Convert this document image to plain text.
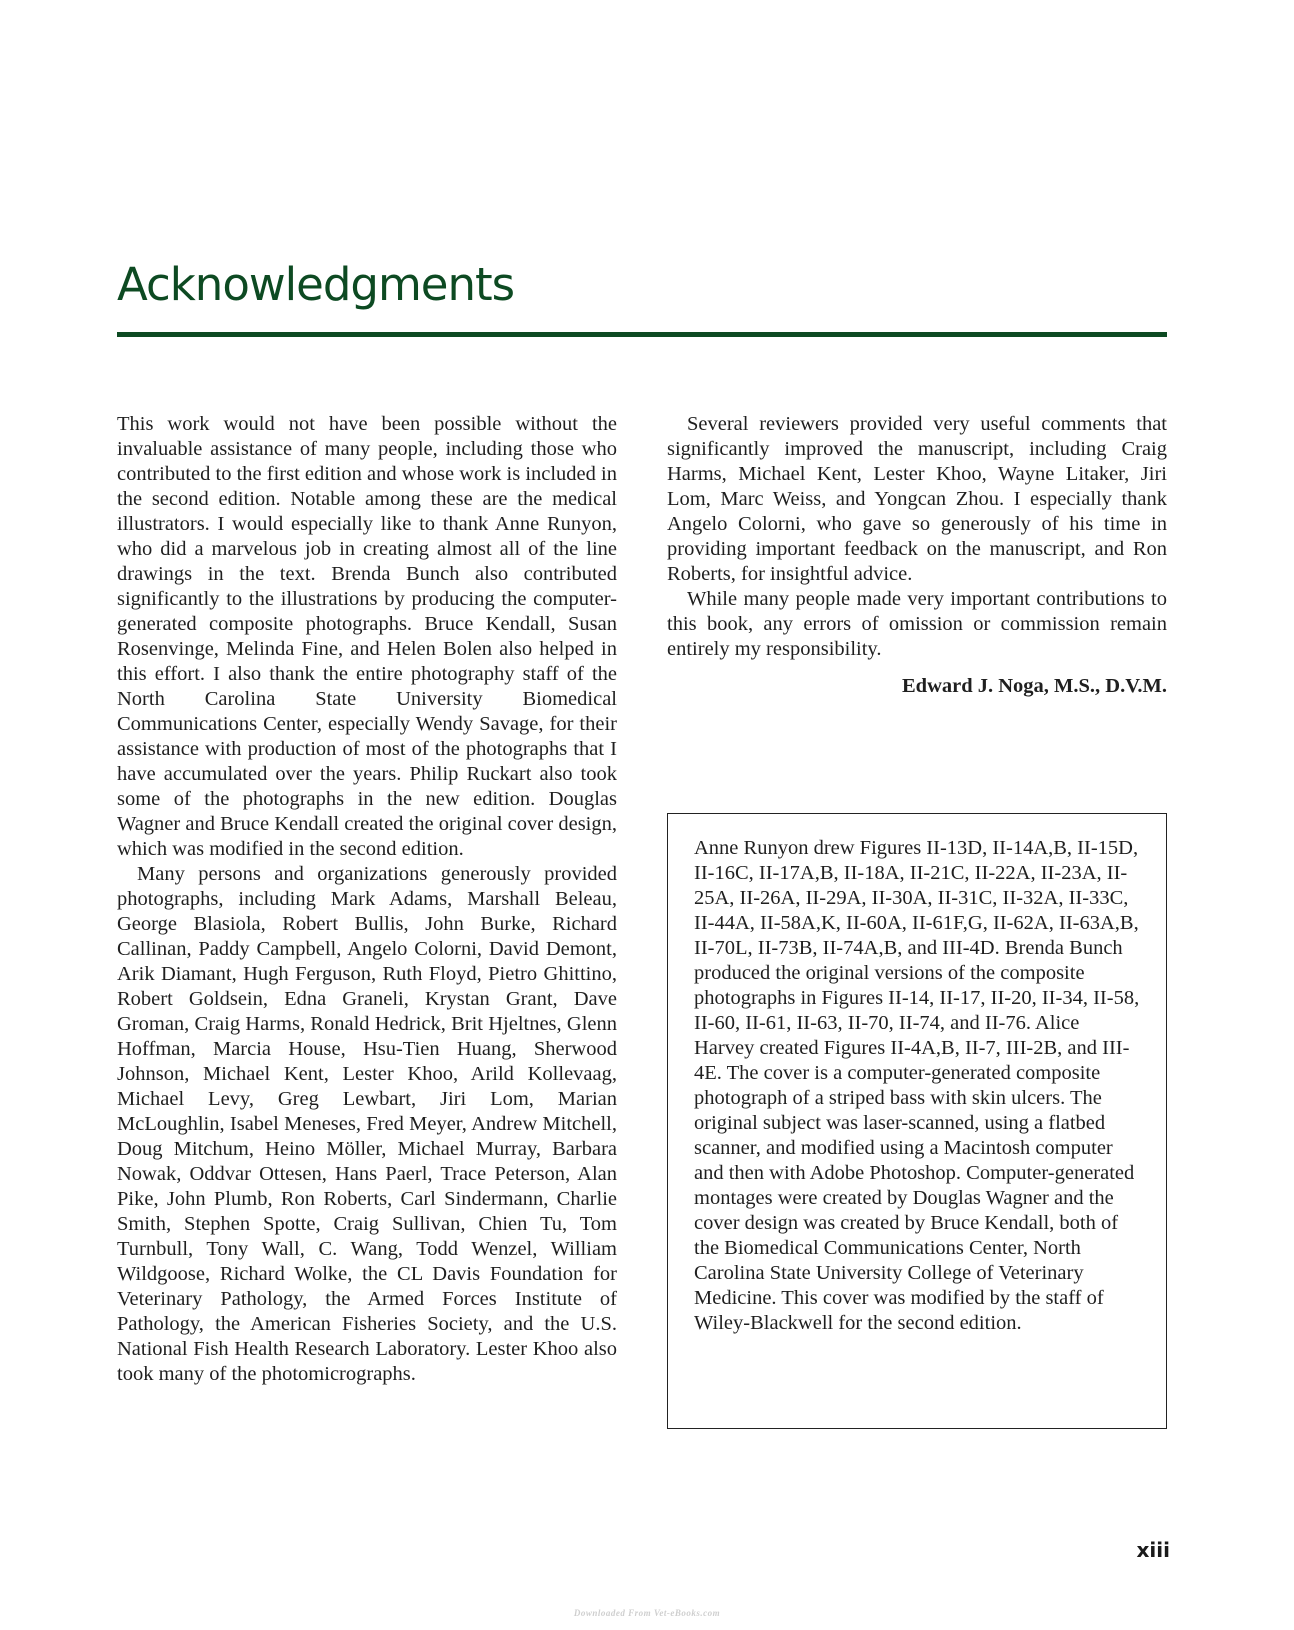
Acknowledgments

This work would not have been possible without the invaluable assistance of many people, including those who contributed to the first edition and whose work is included in the second edition. Notable among these are the medical illustrators. I would especially like to thank Anne Runyon, who did a marvelous job in creating almost all of the line drawings in the text. Brenda Bunch also contributed significantly to the illustrations by producing the computer-generated composite photographs. Bruce Kendall, Susan Rosenvinge, Melinda Fine, and Helen Bolen also helped in this effort. I also thank the entire photography staff of the North Carolina State University Biomedical Communications Center, especially Wendy Savage, for their assistance with production of most of the photographs that I have accumulated over the years. Philip Ruckart also took some of the photographs in the new edition. Douglas Wagner and Bruce Kendall created the original cover design, which was modified in the second edition.

Many persons and organizations generously provided photographs, including Mark Adams, Marshall Beleau, George Blasiola, Robert Bullis, John Burke, Richard Callinan, Paddy Campbell, Angelo Colorni, David Demont, Arik Diamant, Hugh Ferguson, Ruth Floyd, Pietro Ghittino, Robert Goldsein, Edna Graneli, Krystan Grant, Dave Groman, Craig Harms, Ronald Hedrick, Brit Hjeltnes, Glenn Hoffman, Marcia House, Hsu-Tien Huang, Sherwood Johnson, Michael Kent, Lester Khoo, Arild Kollevaag, Michael Levy, Greg Lewbart, Jiri Lom, Marian McLoughlin, Isabel Meneses, Fred Meyer, Andrew Mitchell, Doug Mitchum, Heino Möller, Michael Murray, Barbara Nowak, Oddvar Ottesen, Hans Paerl, Trace Peterson, Alan Pike, John Plumb, Ron Roberts, Carl Sindermann, Charlie Smith, Stephen Spotte, Craig Sullivan, Chien Tu, Tom Turnbull, Tony Wall, C. Wang, Todd Wenzel, William Wildgoose, Richard Wolke, the CL Davis Foundation for Veterinary Pathology, the Armed Forces Institute of Pathology, the American Fisheries Society, and the U.S. National Fish Health Research Laboratory. Lester Khoo also took many of the photomicrographs.

Several reviewers provided very useful comments that significantly improved the manuscript, including Craig Harms, Michael Kent, Lester Khoo, Wayne Litaker, Jiri Lom, Marc Weiss, and Yongcan Zhou. I especially thank Angelo Colorni, who gave so generously of his time in providing important feedback on the manuscript, and Ron Roberts, for insightful advice.

While many people made very important contributions to this book, any errors of omission or commission remain entirely my responsibility.

Edward J. Noga, M.S., D.V.M.

Anne Runyon drew Figures II-13D, II-14A,B, II-15D, II-16C, II-17A,B, II-18A, II-21C, II-22A, II-23A, II-25A, II-26A, II-29A, II-30A, II-31C, II-32A, II-33C, II-44A, II-58A,K, II-60A, II-61F,G, II-62A, II-63A,B, II-70L, II-73B, II-74A,B, and III-4D. Brenda Bunch produced the original versions of the composite photographs in Figures II-14, II-17, II-20, II-34, II-58, II-60, II-61, II-63, II-70, II-74, and II-76. Alice Harvey created Figures II-4A,B, II-7, III-2B, and III-4E. The cover is a computer-generated composite photograph of a striped bass with skin ulcers. The original subject was laser-scanned, using a flatbed scanner, and modified using a Macintosh computer and then with Adobe Photoshop. Computer-generated montages were created by Douglas Wagner and the cover design was created by Bruce Kendall, both of the Biomedical Communications Center, North Carolina State University College of Veterinary Medicine. This cover was modified by the staff of Wiley-Blackwell for the second edition.

xiii
Downloaded From Vet-eBooks.com
